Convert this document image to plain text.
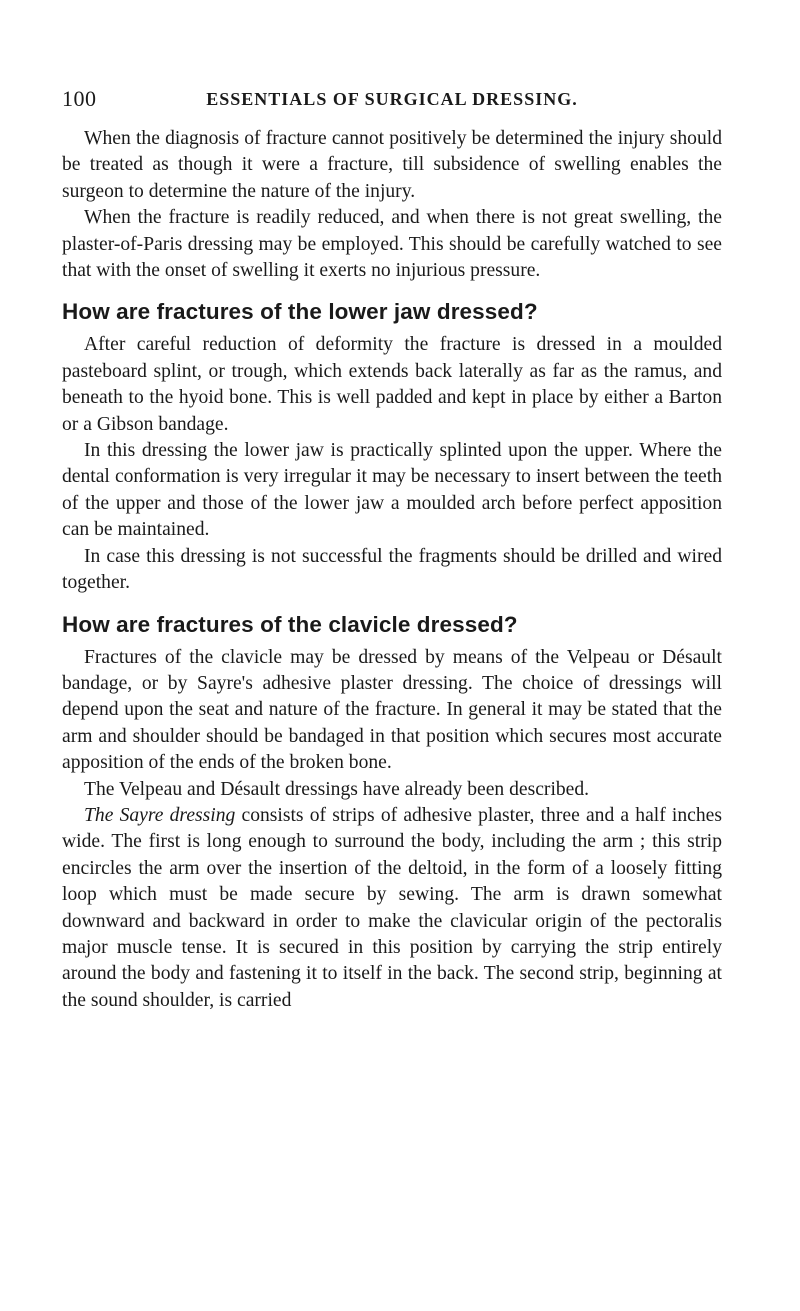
100	ESSENTIALS OF SURGICAL DRESSING.

When the diagnosis of fracture cannot positively be determined the injury should be treated as though it were a fracture, till subsidence of swelling enables the surgeon to determine the nature of the injury.

When the fracture is readily reduced, and when there is not great swelling, the plaster-of-Paris dressing may be employed. This should be carefully watched to see that with the onset of swelling it exerts no injurious pressure.

How are fractures of the lower jaw dressed?

After careful reduction of deformity the fracture is dressed in a moulded pasteboard splint, or trough, which extends back laterally as far as the ramus, and beneath to the hyoid bone. This is well padded and kept in place by either a Barton or a Gibson bandage.

In this dressing the lower jaw is practically splinted upon the upper. Where the dental conformation is very irregular it may be necessary to insert between the teeth of the upper and those of the lower jaw a moulded arch before perfect apposition can be maintained.

In case this dressing is not successful the fragments should be drilled and wired together.

How are fractures of the clavicle dressed?

Fractures of the clavicle may be dressed by means of the Velpeau or Désault bandage, or by Sayre's adhesive plaster dressing. The choice of dressings will depend upon the seat and nature of the fracture. In general it may be stated that the arm and shoulder should be bandaged in that position which secures most accurate apposition of the ends of the broken bone.

The Velpeau and Désault dressings have already been described.

The Sayre dressing consists of strips of adhesive plaster, three and a half inches wide. The first is long enough to surround the body, including the arm ; this strip encircles the arm over the insertion of the deltoid, in the form of a loosely fitting loop which must be made secure by sewing. The arm is drawn somewhat downward and backward in order to make the clavicular origin of the pectoralis major muscle tense. It is secured in this position by carrying the strip entirely around the body and fastening it to itself in the back. The second strip, beginning at the sound shoulder, is carried
